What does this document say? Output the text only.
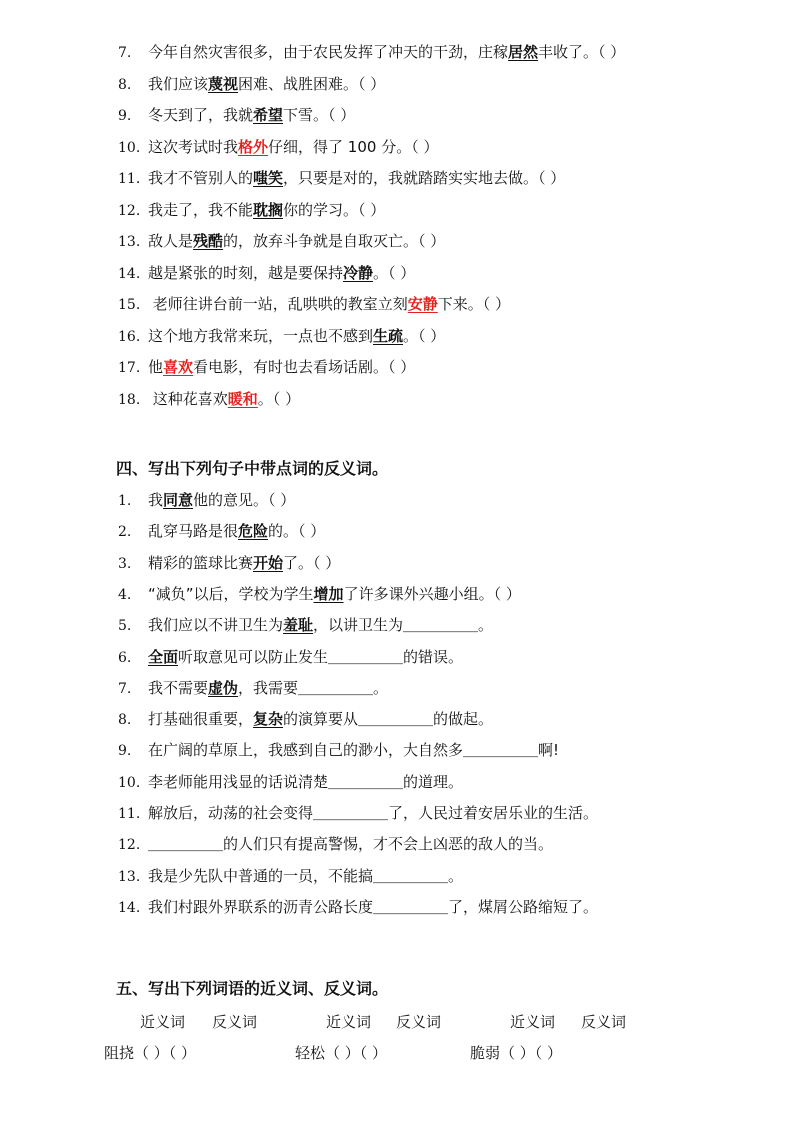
7. 今年自然灾害很多，由于农民发挥了冲天的干劲，庄稼居然丰收了。（ ）
8. 我们应该蔑视困难、战胜困难。（ ）
9. 冬天到了，我就希望下雪。（ ）
10. 这次考试时我格外仔细，得了 100 分。（ ）
11. 我才不管别人的嗤笑，只要是对的，我就踏踏实实地去做。（ ）
12. 我走了，我不能耽搁你的学习。（ ）
13. 敌人是残酷的，放弃斗争就是自取灭亡。（ ）
14. 越是紧张的时刻，越是要保持冷静。（ ）
15. 老师往讲台前一站，乱哄哄的教室立刻安静下来。（ ）
16. 这个地方我常来玩，一点也不感到生疏。（ ）
17. 他喜欢看电影，有时也去看场话剧。（ ）
18. 这种花喜欢暖和。（ ）
四、写出下列句子中带点词的反义词。
1. 我同意他的意见。（ ）
2. 乱穿马路是很危险的。（ ）
3. 精彩的篮球比赛开始了。（ ）
4. “减负”以后，学校为学生增加了许多课外兴趣小组。（ ）
5. 我们应以不讲卫生为羞耻，以讲卫生为＿＿＿＿＿。
6. 全面听取意见可以防止发生＿＿＿＿＿的错误。
7. 我不需要虚伪，我需要＿＿＿＿＿。
8. 打基础很重要，复杂的演算要从＿＿＿＿＿的做起。
9. 在广阔的草原上，我感到自己的渺小，大自然多＿＿＿＿＿啊!
10. 李老师能用浅显的话说清楚＿＿＿＿＿的道理。
11. 解放后，动荡的社会变得＿＿＿＿＿了，人民过着安居乐业的生活。
12. ＿＿＿＿＿的人们只有提高警惕，才不会上凶恶的敌人的当。
13. 我是少先队中普通的一员，不能搞＿＿＿＿＿。
14. 我们村跟外界联系的沥青公路长度＿＿＿＿＿了，煤屑公路缩短了。
五、写出下列词语的近义词、反义词。
近义词 反义词	近义词 反义词	近义词 反义词
阻挠（ ）（ ）	轻松（ ）（ ）	脆弱（ ）（ ）
